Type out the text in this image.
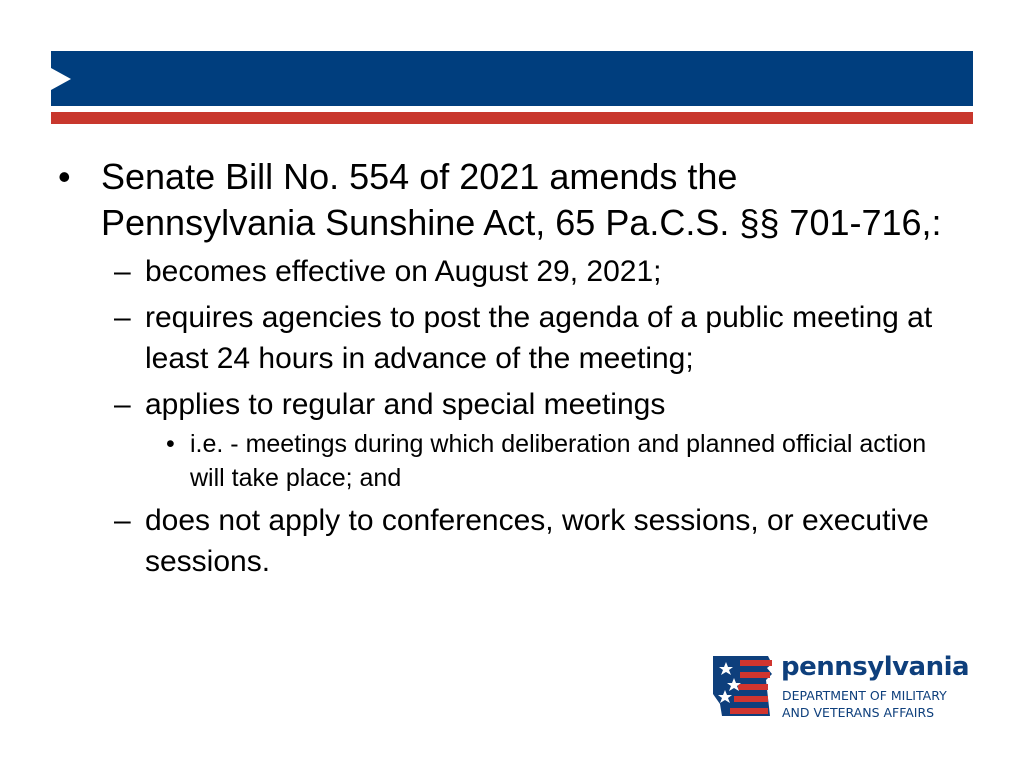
• Senate Bill No. 554 of 2021 amends the Pennsylvania Sunshine Act, 65 Pa.C.S. §§ 701-716,:
– becomes effective on August 29, 2021;
– requires agencies to post the agenda of a public meeting at least 24 hours in advance of the meeting;
– applies to regular and special meetings
• i.e. - meetings during which deliberation and planned official action will take place; and
– does not apply to conferences, work sessions, or executive sessions.
pennsylvania
DEPARTMENT OF MILITARY
AND VETERANS AFFAIRS
